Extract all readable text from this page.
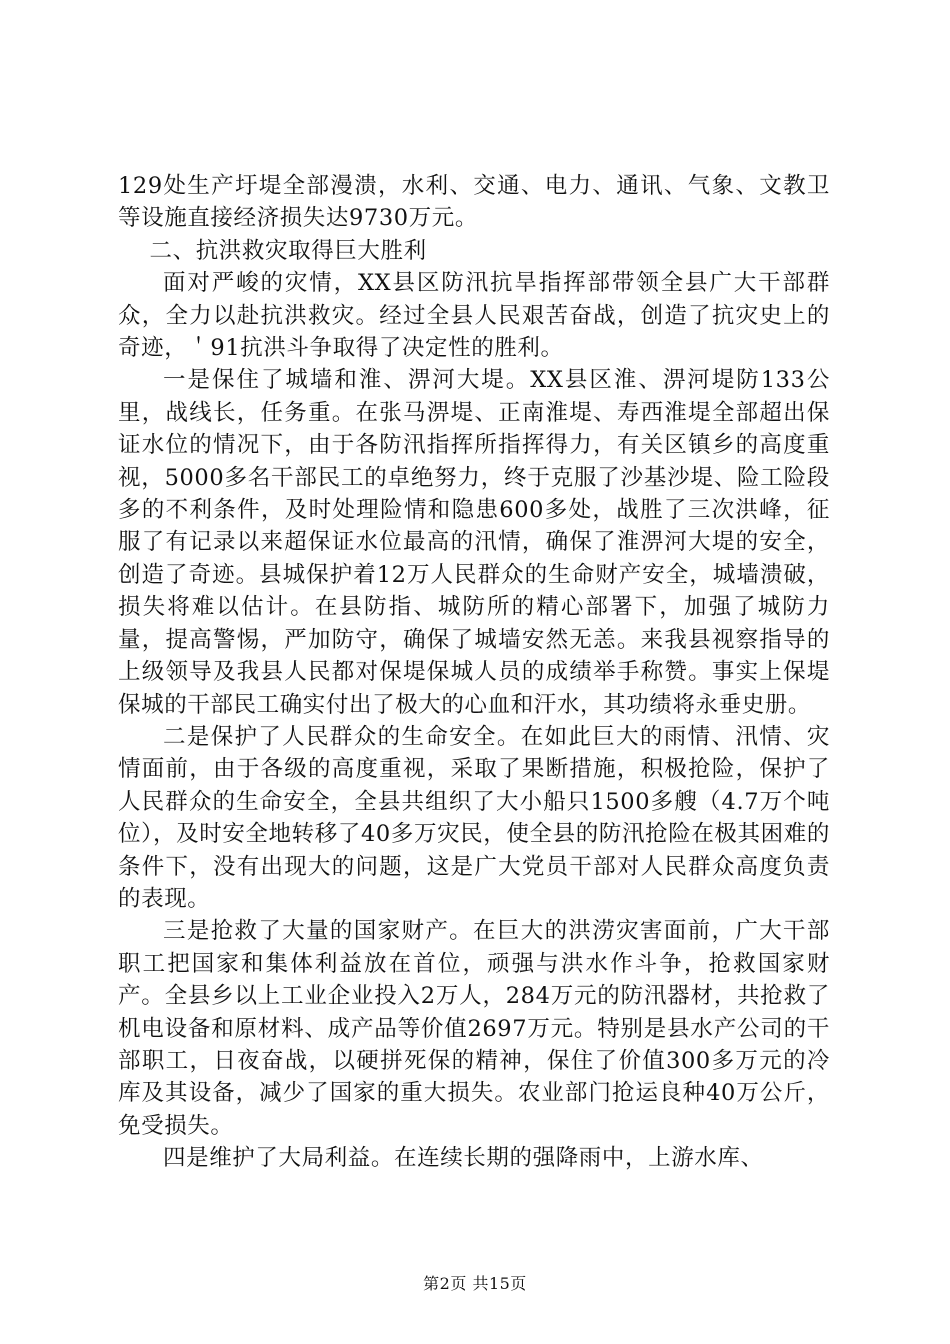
129处生产圩堤全部漫溃，水利、交通、电力、通讯、气象、文教卫等设施直接经济损失达9730万元。

二、抗洪救灾取得巨大胜利

面对严峻的灾情，XX县区防汛抗旱指挥部带领全县广大干部群众，全力以赴抗洪救灾。经过全县人民艰苦奋战，创造了抗灾史上的奇迹，＇91抗洪斗争取得了决定性的胜利。

一是保住了城墙和淮、淠河大堤。XX县区淮、淠河堤防133公里，战线长，任务重。在张马淠堤、正南淮堤、寿西淮堤全部超出保证水位的情况下，由于各防汛指挥所指挥得力，有关区镇乡的高度重视，5000多名干部民工的卓绝努力，终于克服了沙基沙堤、险工险段多的不利条件，及时处理险情和隐患600多处，战胜了三次洪峰，征服了有记录以来超保证水位最高的汛情，确保了淮淠河大堤的安全，创造了奇迹。县城保护着12万人民群众的生命财产安全，城墙溃破，损失将难以估计。在县防指、城防所的精心部署下，加强了城防力量，提高警惕，严加防守，确保了城墙安然无恙。来我县视察指导的上级领导及我县人民都对保堤保城人员的成绩举手称赞。事实上保堤保城的干部民工确实付出了极大的心血和汗水，其功绩将永垂史册。

二是保护了人民群众的生命安全。在如此巨大的雨情、汛情、灾情面前，由于各级的高度重视，采取了果断措施，积极抢险，保护了人民群众的生命安全，全县共组织了大小船只1500多艘（4.7万个吨位），及时安全地转移了40多万灾民，使全县的防汛抢险在极其困难的条件下，没有出现大的问题，这是广大党员干部对人民群众高度负责的表现。

三是抢救了大量的国家财产。在巨大的洪涝灾害面前，广大干部职工把国家和集体利益放在首位，顽强与洪水作斗争，抢救国家财产。全县乡以上工业企业投入2万人，284万元的防汛器材，共抢救了机电设备和原材料、成产品等价值2697万元。特别是县水产公司的干部职工，日夜奋战，以硬拼死保的精神，保住了价值300多万元的冷库及其设备，减少了国家的重大损失。农业部门抢运良种40万公斤，免受损失。

四是维护了大局利益。在连续长期的强降雨中，上游水库、

第2页 共15页
